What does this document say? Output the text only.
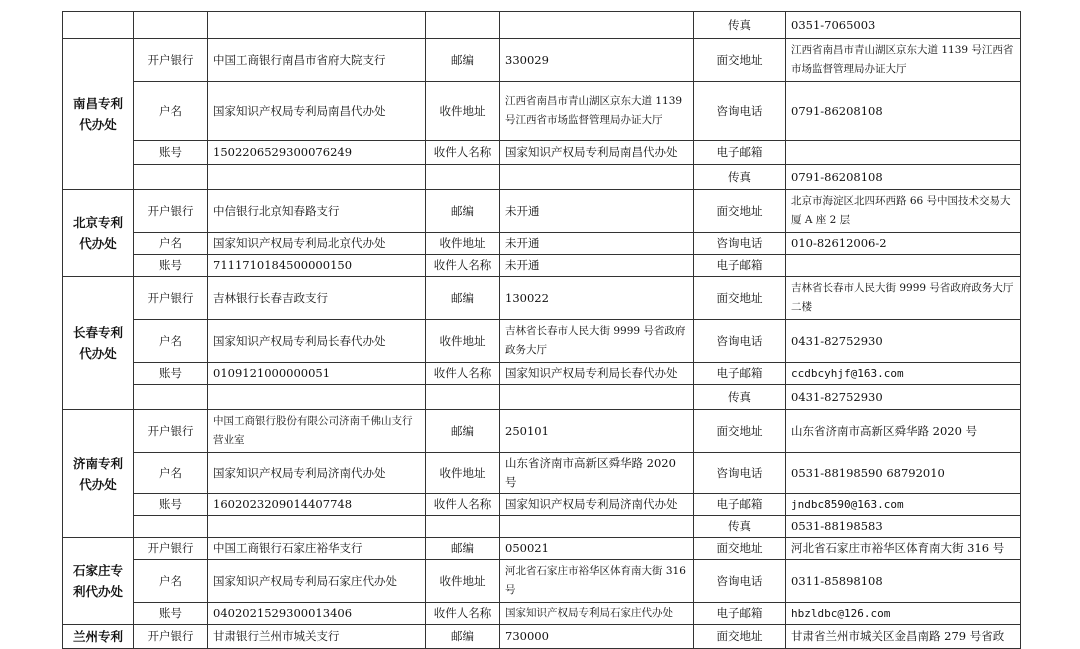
					传真	0351-7065003
南昌专利代办处	开户银行	中国工商银行南昌市省府大院支行	邮编	330029	面交地址	江西省南昌市青山湖区京东大道 1139 号江西省市场监督管理局办证大厅
	户名	国家知识产权局专利局南昌代办处	收件地址	江西省南昌市青山湖区京东大道 1139 号江西省市场监督管理局办证大厅	咨询电话	0791-86208108
	账号	1502206529300076249	收件人名称	国家知识产权局专利局南昌代办处	电子邮箱	
					传真	0791-86208108
北京专利代办处	开户银行	中信银行北京知春路支行	邮编	未开通	面交地址	北京市海淀区北四环西路 66 号中国技术交易大厦 A 座 2 层
	户名	国家知识产权局专利局北京代办处	收件地址	未开通	咨询电话	010-82612006-2
	账号	7111710184500000150	收件人名称	未开通	电子邮箱	
长春专利代办处	开户银行	吉林银行长春吉政支行	邮编	130022	面交地址	吉林省长春市人民大街 9999 号省政府政务大厅二楼
	户名	国家知识产权局专利局长春代办处	收件地址	吉林省长春市人民大街 9999 号省政府政务大厅	咨询电话	0431-82752930
	账号	0109121000000051	收件人名称	国家知识产权局专利局长春代办处	电子邮箱	ccdbcyhjf@163.com
					传真	0431-82752930
济南专利代办处	开户银行	中国工商银行股份有限公司济南千佛山支行营业室	邮编	250101	面交地址	山东省济南市高新区舜华路 2020 号
	户名	国家知识产权局专利局济南代办处	收件地址	山东省济南市高新区舜华路 2020 号	咨询电话	0531-88198590 68792010
	账号	1602023209014407748	收件人名称	国家知识产权局专利局济南代办处	电子邮箱	jndbc8590@163.com
					传真	0531-88198583
石家庄专利代办处	开户银行	中国工商银行石家庄裕华支行	邮编	050021	面交地址	河北省石家庄市裕华区体育南大街 316 号
	户名	国家知识产权局专利局石家庄代办处	收件地址	河北省石家庄市裕华区体育南大街 316 号	咨询电话	0311-85898108
	账号	0402021529300013406	收件人名称	国家知识产权局专利局石家庄代办处	电子邮箱	hbzldbc@126.com
兰州专利	开户银行	甘肃银行兰州市城关支行	邮编	730000	面交地址	甘肃省兰州市城关区金昌南路 279 号省政
